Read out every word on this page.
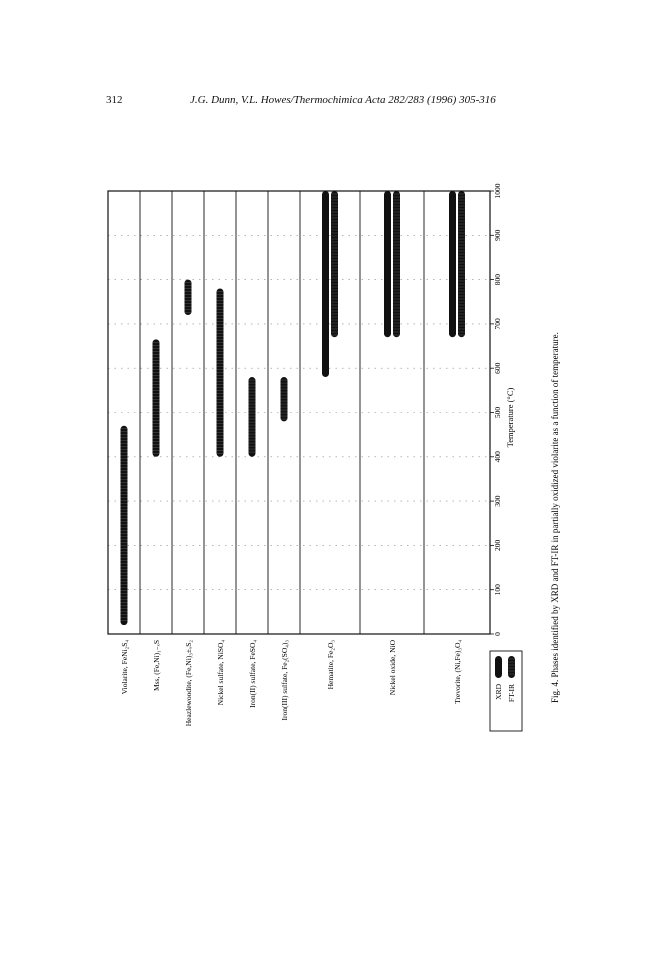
312	J.G. Dunn, V.L. Howes/Thermochimica Acta 282/283 (1996) 305-316
0
100
200
300
400
500
600
700
800
900
1000
Temperature (°C)
Violarite, FeNi₂S₄	Mss, (Fe,Ni)₁₋ₓS	Heazlewoodite, (Fe,Ni)₃±ₓS₂	Nickel sulfate, NiSO₄	Iron(II) sulfate, FeSO₄	Iron(III) sulfate, Fe₂(SO₄)₃	Hematite, Fe₂O₃	Nickel oxide, NiO	Trevorite, (Ni,Fe)₃O₄	XRD FT-IR	Fig. 4. Phases identified by XRD and FT-IR in partially oxidized violarite as a function of temperature.
